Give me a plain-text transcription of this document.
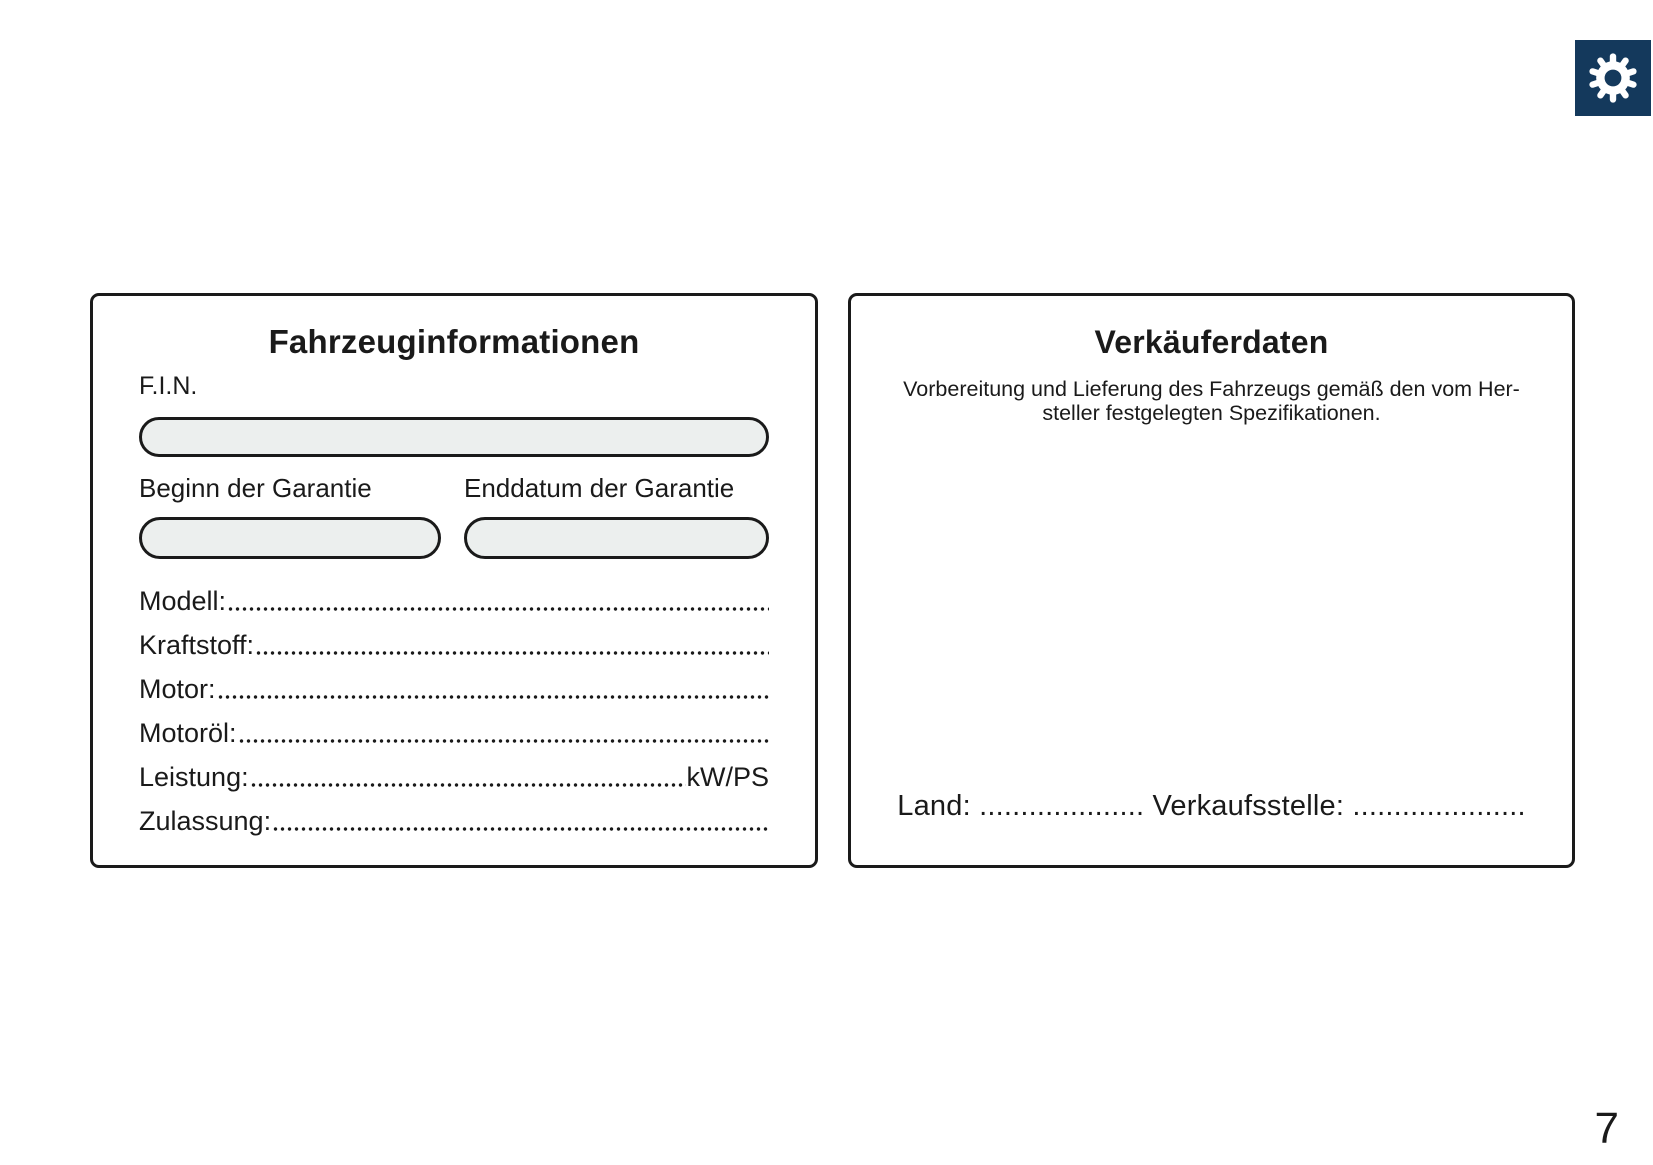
Fahrzeuginformationen
F.I.N.
Beginn der Garantie	Enddatum der Garantie
Modell:
Kraftstoff:
Motor:
Motoröl:
Leistung:	kW/PS
Zulassung:
Verkäuferdaten
Vorbereitung und Lieferung des Fahrzeugs gemäß den vom Her-
steller festgelegten Spezifikationen.
Land: .................... Verkaufsstelle: .....................
7
